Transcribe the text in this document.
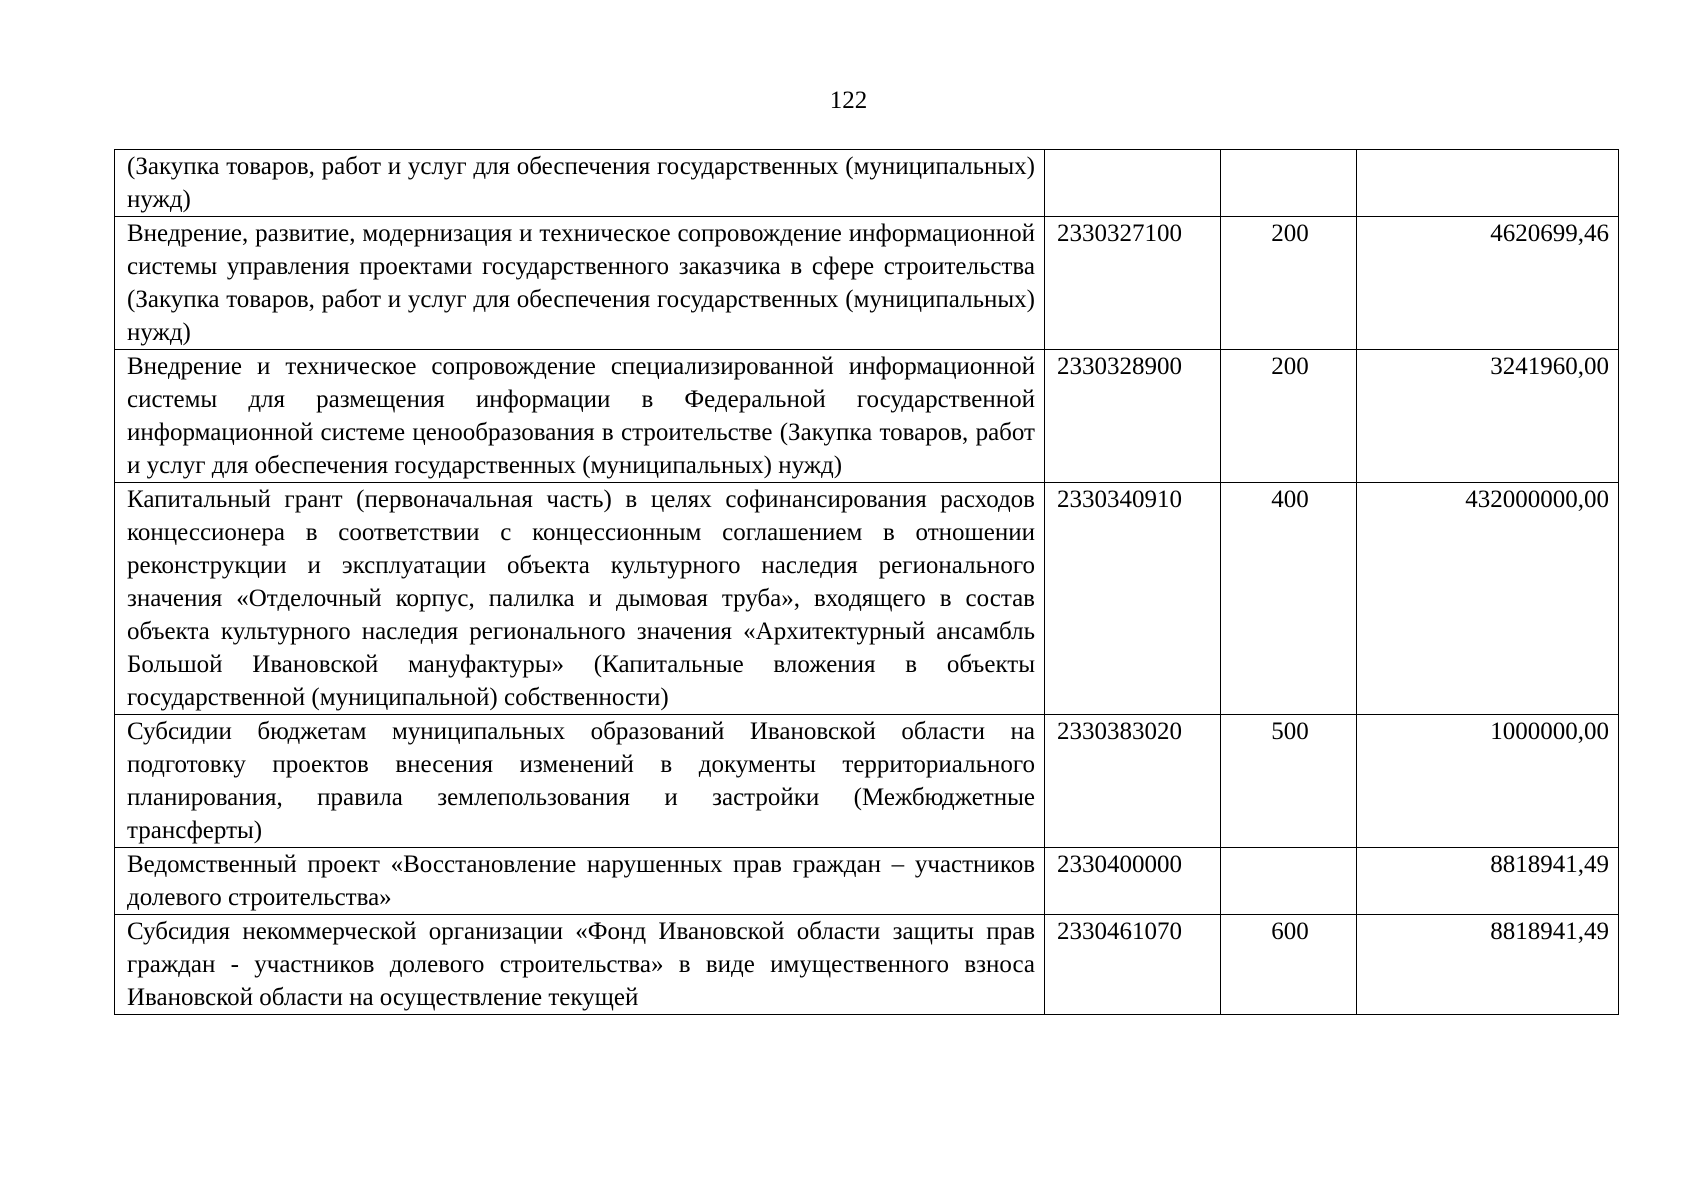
122
(Закупка товаров, работ и услуг для обеспечения государственных (муниципальных) нужд)			
Внедрение, развитие, модернизация и техническое сопровождение информационной системы управления проектами государственного заказчика в сфере строительства (Закупка товаров, работ и услуг для обеспечения государственных (муниципальных) нужд)	2330327100	200	4620699,46
Внедрение и техническое сопровождение специализированной информационной системы для размещения информации в Федеральной государственной информационной системе ценообразования в строительстве (Закупка товаров, работ и услуг для обеспечения государственных (муниципальных) нужд)	2330328900	200	3241960,00
Капитальный грант (первоначальная часть) в целях софинансирования расходов концессионера в соответствии с концессионным соглашением в отношении реконструкции и эксплуатации объекта культурного наследия регионального значения «Отделочный корпус, палилка и дымовая труба», входящего в состав объекта культурного наследия регионального значения «Архитектурный ансамбль Большой Ивановской мануфактуры» (Капитальные вложения в объекты государственной (муниципальной) собственности)	2330340910	400	432000000,00
Субсидии бюджетам муниципальных образований Ивановской области на подготовку проектов внесения изменений в документы территориального планирования, правила землепользования и застройки (Межбюджетные трансферты)	2330383020	500	1000000,00
Ведомственный проект «Восстановление нарушенных прав граждан – участников долевого строительства»	2330400000		8818941,49
Субсидия некоммерческой организации «Фонд Ивановской области защиты прав граждан - участников долевого строительства» в виде имущественного взноса Ивановской области на осуществление текущей	2330461070	600	8818941,49
